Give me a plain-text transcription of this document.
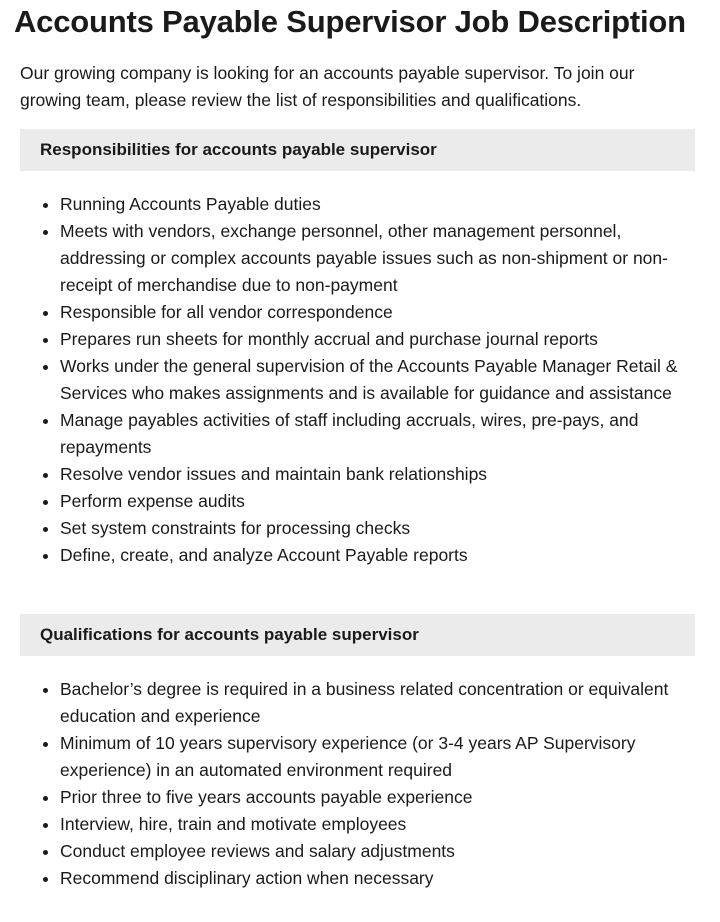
Accounts Payable Supervisor Job Description

Our growing company is looking for an accounts payable supervisor. To join our growing team, please review the list of responsibilities and qualifications.

Responsibilities for accounts payable supervisor
• Running Accounts Payable duties
• Meets with vendors, exchange personnel, other management personnel, addressing or complex accounts payable issues such as non-shipment or non-receipt of merchandise due to non-payment
• Responsible for all vendor correspondence
• Prepares run sheets for monthly accrual and purchase journal reports
• Works under the general supervision of the Accounts Payable Manager Retail & Services who makes assignments and is available for guidance and assistance
• Manage payables activities of staff including accruals, wires, pre-pays, and repayments
• Resolve vendor issues and maintain bank relationships
• Perform expense audits
• Set system constraints for processing checks
• Define, create, and analyze Account Payable reports
Qualifications for accounts payable supervisor
• Bachelor’s degree is required in a business related concentration or equivalent education and experience
• Minimum of 10 years supervisory experience (or 3-4 years AP Supervisory experience) in an automated environment required
• Prior three to five years accounts payable experience
• Interview, hire, train and motivate employees
• Conduct employee reviews and salary adjustments
• Recommend disciplinary action when necessary
